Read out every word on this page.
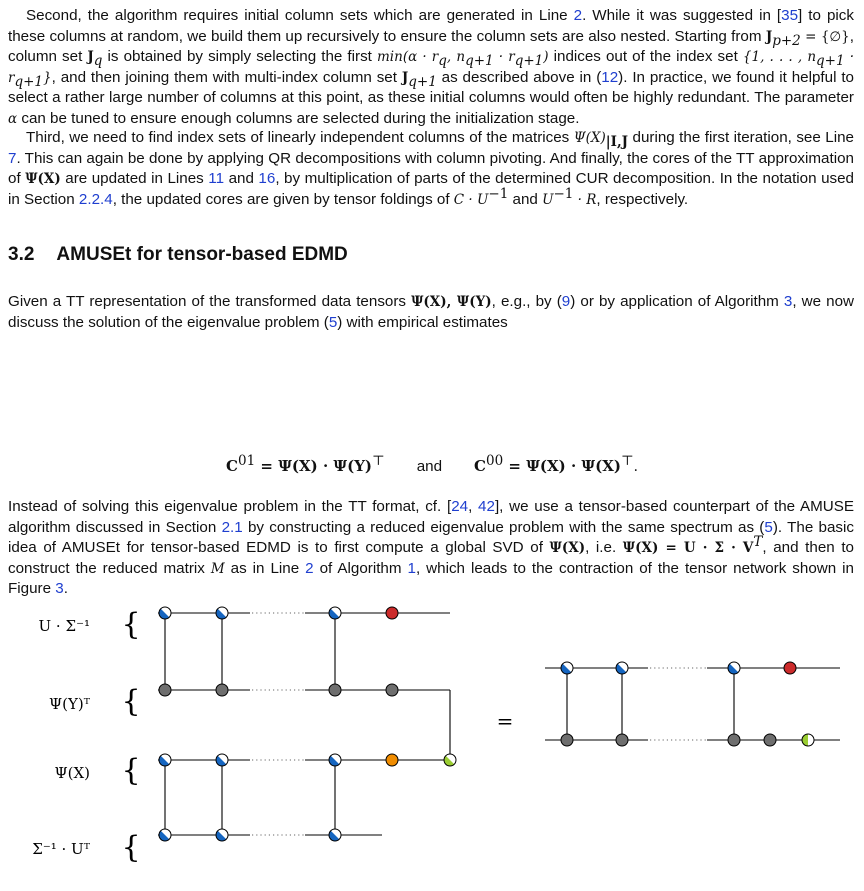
Second, the algorithm requires initial column sets which are generated in Line 2. While it was suggested in [35] to pick these columns at random, we build them up recursively to ensure the column sets are also nested. Starting from $J_{p+2}$ = {∅}, column set $J_q$ is obtained by simply selecting the first $\min(\alpha \cdot r_q$, $n_{q+1} \cdot r_{q+1}$) indices out of the index set {1, . . . , $n_{q+1} \cdot r_{q+1}$}, and then joining them with multi-index column set $J_{q+1}$ as described above in (12). In practice, we found it helpful to select a rather large number of columns at this point, as these initial columns would often be highly redundant. The parameter α can be tuned to ensure enough columns are selected during the initialization stage.

Third, we need to find index sets of linearly independent columns of the matrices $\Psi(X)_{|I,J}$ during the first iteration, see Line 7. This can again be done by applying QR decompositions with column pivoting. And finally, the cores of the TT approximation of Ψ(X) are updated in Lines 11 and 16, by multiplication of parts of the determined CUR decomposition. In the notation used in Section 2.2.4, the updated cores are given by tensor foldings of $C \cdot U^{-1}$ and $U^{-1} \cdot R$, respectively.

3.2 AMUSEt for tensor-based EDMD

Given a TT representation of the transformed data tensors Ψ(X), Ψ(Y), e.g., by (9) or by application of Algorithm 3, we now discuss the solution of the eigenvalue problem (5) with empirical estimates

$C^{01} = \Psi(X) \cdot \Psi(Y)^⊤$ and $C^{00} = \Psi(X) \cdot \Psi(X)^⊤$.

Instead of solving this eigenvalue problem in the TT format, cf. [24, 42], we use a tensor-based counterpart of the AMUSE algorithm discussed in Section 2.1 by constructing a reduced eigenvalue problem with the same spectrum as (5). The basic idea of AMUSEt for tensor-based EDMD is to first compute a global SVD of Ψ(X), i.e. $\Psi(X) = U \cdot \Sigma \cdot V^T$, and then to construct the reduced matrix M as in Line 2 of Algorithm 1, which leads to the contraction of the tensor network shown in Figure 3.

U · Σ⁻¹
Ψ(Y)ᵀ
Ψ(X)
Σ⁻¹ · Uᵀ
{
{
{
{
=
